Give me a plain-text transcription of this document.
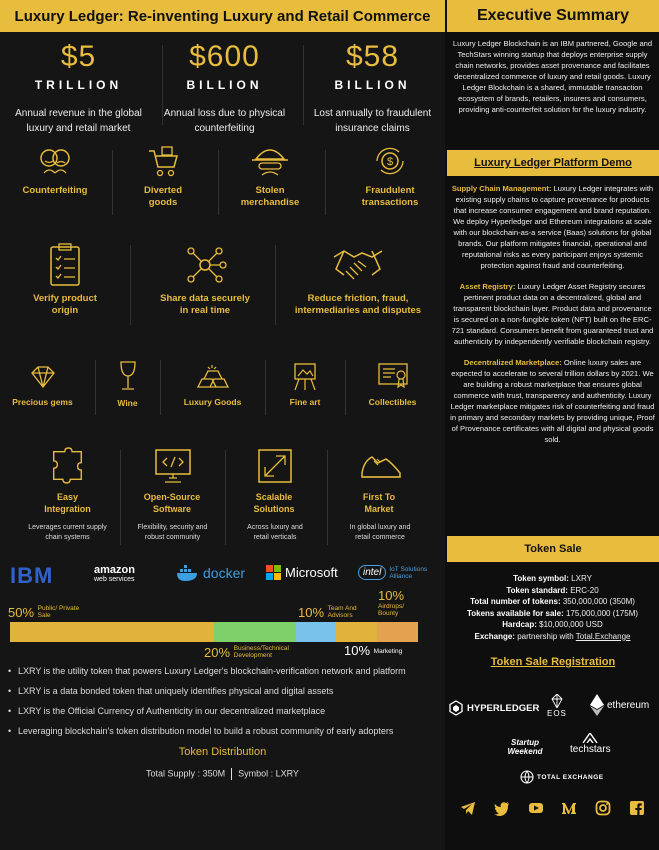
Luxury Ledger: Re-inventing Luxury and Retail Commerce	Executive Summary
$5
TRILLION
Annual revenue in the global luxury and retail market
$600
BILLION
Annual loss due to physical counterfeiting
$58
BILLION
Lost annually to fraudulent insurance claims
Counterfeiting	Diverted goods
Stolen merchandise
$
Fraudulent transactions
Verify product origin
Share data securely in real time
Reduce friction, fraud, intermediaries and disputes
Precious gems	Wine	Luxury Goods	Fine art	Collectibles
Easy Integration
Leverages current supply chain systems
Open-Source Software
Flexibility, security and robust community
Scalable Solutions
Across luxury and retail verticals
First To Market
In global luxury and retail commerce
IBM	amazon
web services	docker	Microsoft	intel	IoT Solutions Alliance
50% Public/ Private Sale	10% Team And Advisors
10%
Airdrops/ Bounty
20% Business/Technical Development	10% Marketing
• LXRY is the utility token that powers Luxury Ledger's blockchain-verification network and platform
• LXRY is a data bonded token that uniquely identifies physical and digital assets
• LXRY is the Official Currency of Authenticity in our decentralized marketplace
• Leveraging blockchain's token distribution model to build a robust community of early adopters
Token Distribution
Total Supply : 350M Symbol : LXRY
Luxury Ledger Blockchain is an IBM partnered, Google and TechStars winning startup that deploys enterprise supply chain networks, provides asset provenance and facilitates decentralized commerce of luxury and retail goods. Luxury Ledger Blockchain is a shared, immutable transaction ecosystem of brands, retailers, insurers and consumers, providing anti-counterfeit solution for the luxury industry.
Luxury Ledger Platform Demo

Supply Chain Management: Luxury Ledger integrates with existing supply chains to capture provenance for products that increase consumer engagement and brand reputation. We deploy Hyperledger and Ethereum integrations at scale with our blockchain-as-a service (Baas) solutions for global brands. Our platform mitigates financial, operational and reputational risks as every participant enjoys systemic protection against fraud and counterfeiting.

Asset Registry: Luxury Ledger Asset Registry secures pertinent product data on a decentralized, global and transparent blockchain layer. Product data and provenance is secured on a non-fungible token (NFT) built on the ERC-721 standard. Consumers benefit from guaranteed trust and authenticity by independently verifiable blockchain registry.

Decentralized Marketplace: Online luxury sales are expected to accelerate to several trillion dollars by 2021. We are building a robust marketplace that ensures global commerce with trust, transparency and authenticity. Luxury Ledger marketplace mitigates risk of counterfeiting and fraud in primary and secondary markets by providing unique, Proof of Provenance certificates with all digital and physical goods sold.

Token Sale
Token symbol: LXRY
Token standard: ERC-20
Total number of tokens: 350,000,000 (350M)
Tokens available for sale: 175,000,000 (175M)
Hardcap: $10,000,000 USD
Exchange: partnership with Total.Exchange
Token Sale Registration
HYPERLEDGER EOS
ethereum
Startup Weekend	techstars
TOTAL EXCHANGE
